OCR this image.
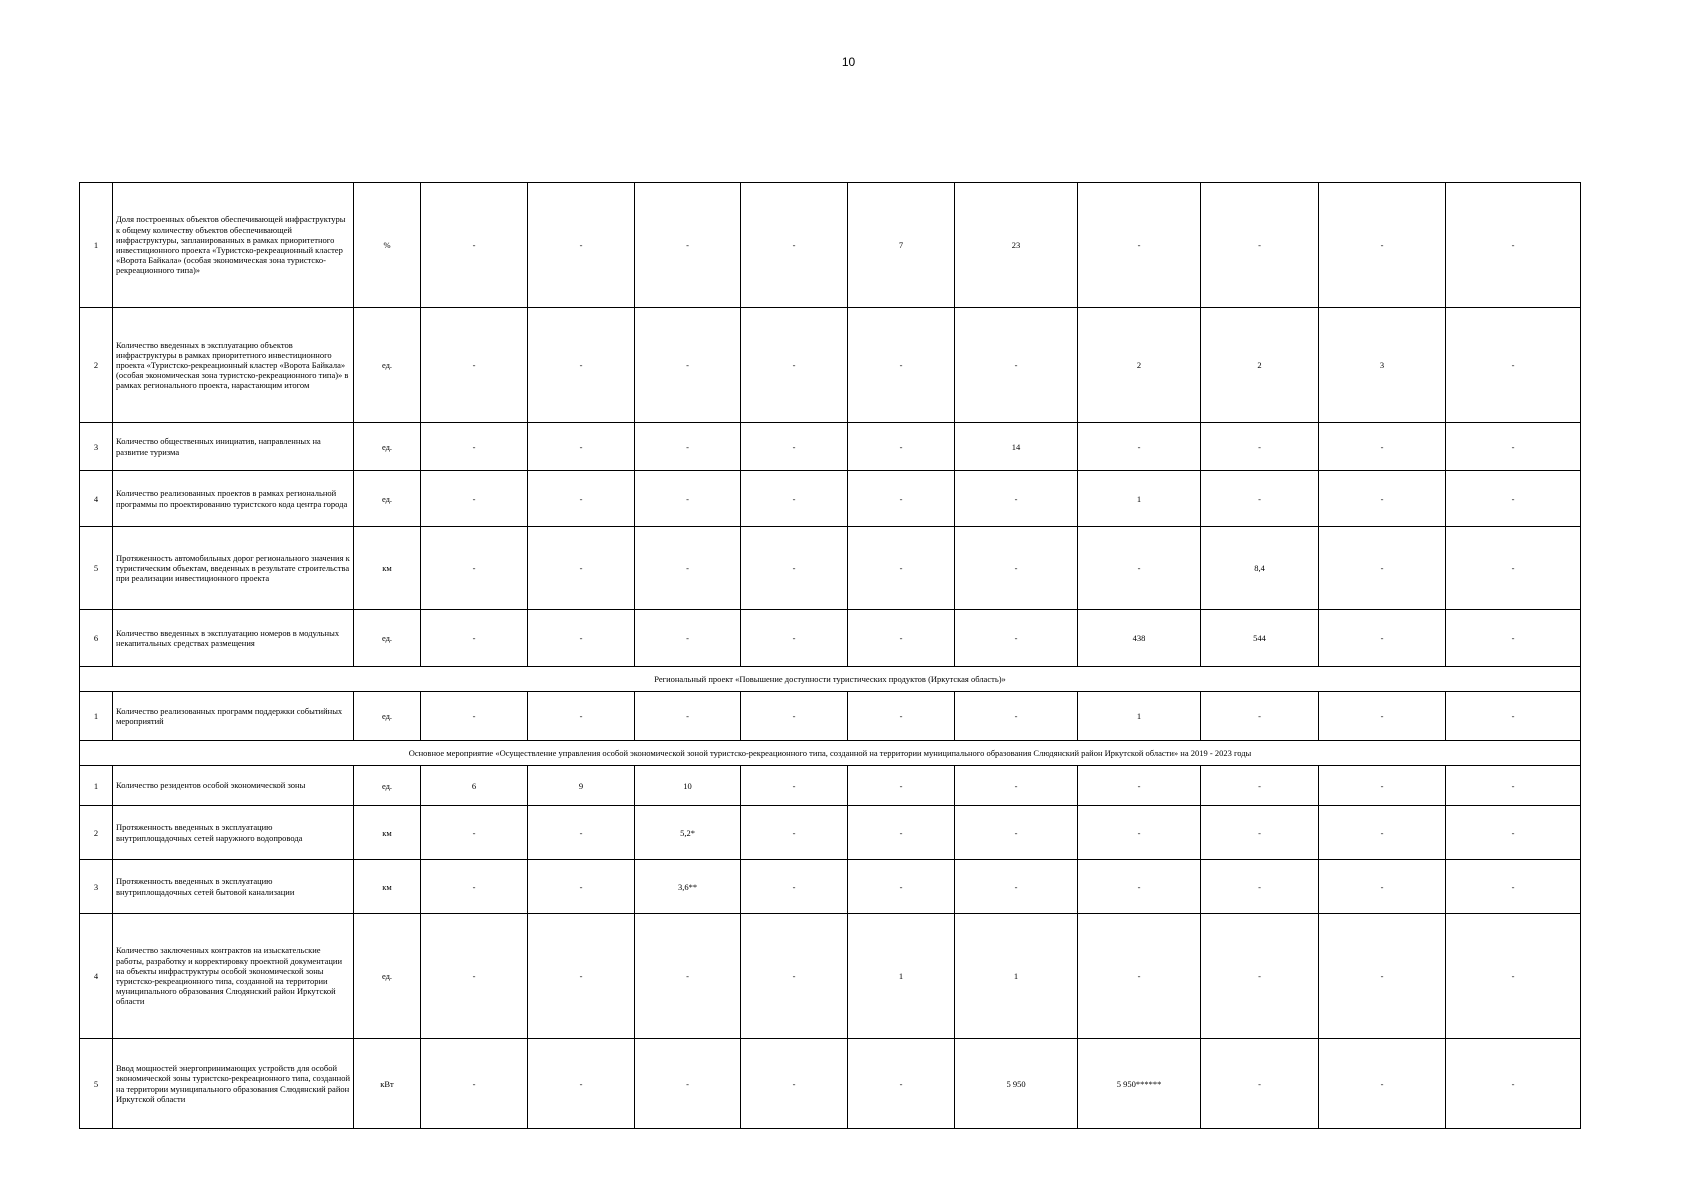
10
1	Доля построенных объектов обеспечивающей инфраструктуры к общему количеству объектов обеспечивающей инфраструктуры, запланированных в рамках приоритетного инвестиционного проекта «Туристско-рекреационный кластер «Ворота Байкала» (особая экономическая зона туристско-рекреационного типа)»	%	-	-	-	-	7	23	-	-	-	-
2	Количество введенных в эксплуатацию объектов инфраструктуры в рамках приоритетного инвестиционного проекта «Туристско-рекреационный кластер «Ворота Байкала» (особая экономическая зона туристско-рекреационного типа)» в рамках регионального проекта, нарастающим итогом	ед.	-	-	-	-	-	-	2	2	3	-
3	Количество общественных инициатив, направленных на развитие туризма	ед.	-	-	-	-	-	14	-	-	-	-
4	Количество реализованных проектов в рамках региональной программы по проектированию туристского кода центра города	ед.	-	-	-	-	-	-	1	-	-	-
5	Протяженность автомобильных дорог регионального значения к туристическим объектам, введенных в результате строительства при реализации инвестиционного проекта	км	-	-	-	-	-	-	-	8,4	-	-
6	Количество введенных в эксплуатацию номеров в модульных некапитальных средствах размещения	ед.	-	-	-	-	-	-	438	544	-	-
Региональный проект «Повышение доступности туристических продуктов (Иркутская область)»												
1	Количество реализованных программ поддержки событийных мероприятий	ед.	-	-	-	-	-	-	1	-	-	-
Основное мероприятие «Осуществление управления особой экономической зоной туристско-рекреационного типа, созданной на территории муниципального образования Слюдянский район Иркутской области» на 2019 - 2023 годы												
1	Количество резидентов особой экономической зоны	ед.	6	9	10	-	-	-	-	-	-	-
2	Протяженность введенных в эксплуатацию внутриплощадочных сетей наружного водопровода	км	-	-	5,2*	-	-	-	-	-	-	-
3	Протяженность введенных в эксплуатацию внутриплощадочных сетей бытовой канализации	км	-	-	3,6**	-	-	-	-	-	-	-
4	Количество заключенных контрактов на изыскательские работы, разработку и корректировку проектной документации на объекты инфраструктуры особой экономической зоны туристско-рекреационного типа, созданной на территории муниципального образования Слюдянский район Иркутской области	ед.	-	-	-	-	1	1	-	-	-	-
5	Ввод мощностей энергопринимающих устройств для особой экономической зоны туристско-рекреационного типа, созданной на территории муниципального образования Слюдянский район Иркутской области	кВт	-	-	-	-	-	5 950	5 950******	-	-	-
